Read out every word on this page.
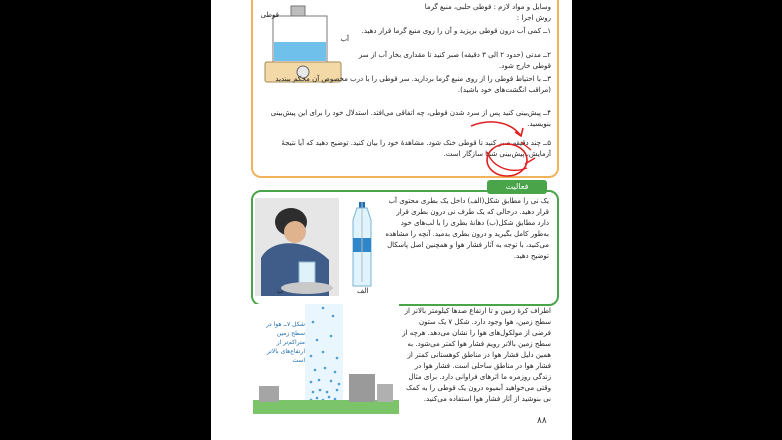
قوطی
آب
وسایل و مواد لازم : قوطی حلبی، منبع گرما
روش اجرا :
۱ــ کمی آب درون قوطی بریزید و آن را روی منبع گرما قرار دهید.
۲ــ مدتی (حدود ۲ الی ۳ دقیقه) صبر کنید تا مقداری بخار آب از سر قوطی خارج شود.
۳ــ با احتیاط قوطی را از روی منبع گرما بردارید. سر قوطی را با درب مخصوص آن محکم ببندید (مراقب انگشت‌های خود باشید).
۴ــ پیش‌بینی کنید پس از سرد شدن قوطی، چه اتفاقی می‌افتد. استدلال خود را برای این پیش‌بینی بنویسید.
۵ــ چند دقیقه صبر کنید تا قوطی خنک شود. مشاهدهٔ خود را بیان کنید. توضیح دهید که آیا نتیجهٔ آزمایش، پیش‌بینی شما سازگار است.
فعالیت
ب	الف
یک نی را مطابق شکل(الف) داخل یک بطری محتوی آب قرار دهید. درحالی که یک طرف نی درون بطری قرار دارد مطابق شکل(ب) دهانهٔ بطری را با لب‌های خود به‌طور کامل بگیرید و درون بطری بدمید. آنچه را مشاهده می‌کنید، با توجه به آثار فشار هوا و همچنین اصل پاسکال توضیح دهید.
شکل ۷ــ هوا در سطح زمین متراکم‌تر از ارتفاع‌های بالاتر است
اطراف کرهٔ زمین و تا ارتفاع صدها کیلومتر بالاتر از سطح زمین، هوا وجود دارد. شکل ۷ یک ستون فرضی از مولکول‌های هوا را نشان می‌دهد. هرچه از سطح زمین بالاتر رویم فشار هوا کمتر می‌شود. به همین دلیل فشار هوا در مناطق کوهستانی کمتر از فشار هوا در مناطق ساحلی است. فشار هوا در زندگی روزمره ما اثرهای فراوانی دارد. برای مثال وقتی می‌خواهید آبمیوه درون یک قوطی را به کمک نی بنوشید از آثار فشار هوا استفاده می‌کنید.
۸۸
